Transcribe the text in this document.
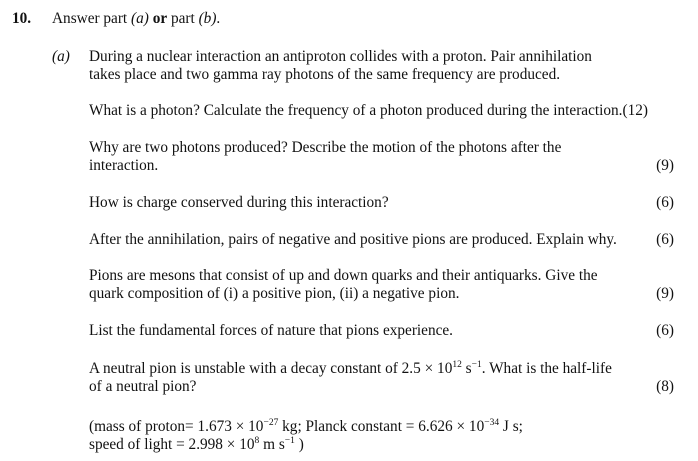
10. Answer part (a) or part (b).
(a) During a nuclear interaction an antiproton collides with a proton. Pair annihilation
takes place and two gamma ray photons of the same frequency are produced.
What is a photon? Calculate the frequency of a photon produced during the interaction.(12)
Why are two photons produced? Describe the motion of the photons after the
interaction.	(9)
How is charge conserved during this interaction?	(6)
After the annihilation, pairs of negative and positive pions are produced. Explain why.	(6)
Pions are mesons that consist of up and down quarks and their antiquarks. Give the
quark composition of (i) a positive pion, (ii) a negative pion.	(9)
List the fundamental forces of nature that pions experience.	(6)
A neutral pion is unstable with a decay constant of $2.5 \times 10^{12}$ $s^{-1}$. What is the half-life
of a neutral pion?	(8)
(mass of proton= $1.673 \times 10^{-27}$ kg; Planck constant = $6.626 \times 10^{-34}$ J s;
speed of light = $2.998 \times 10^8$ m $s^{-1}$ )
